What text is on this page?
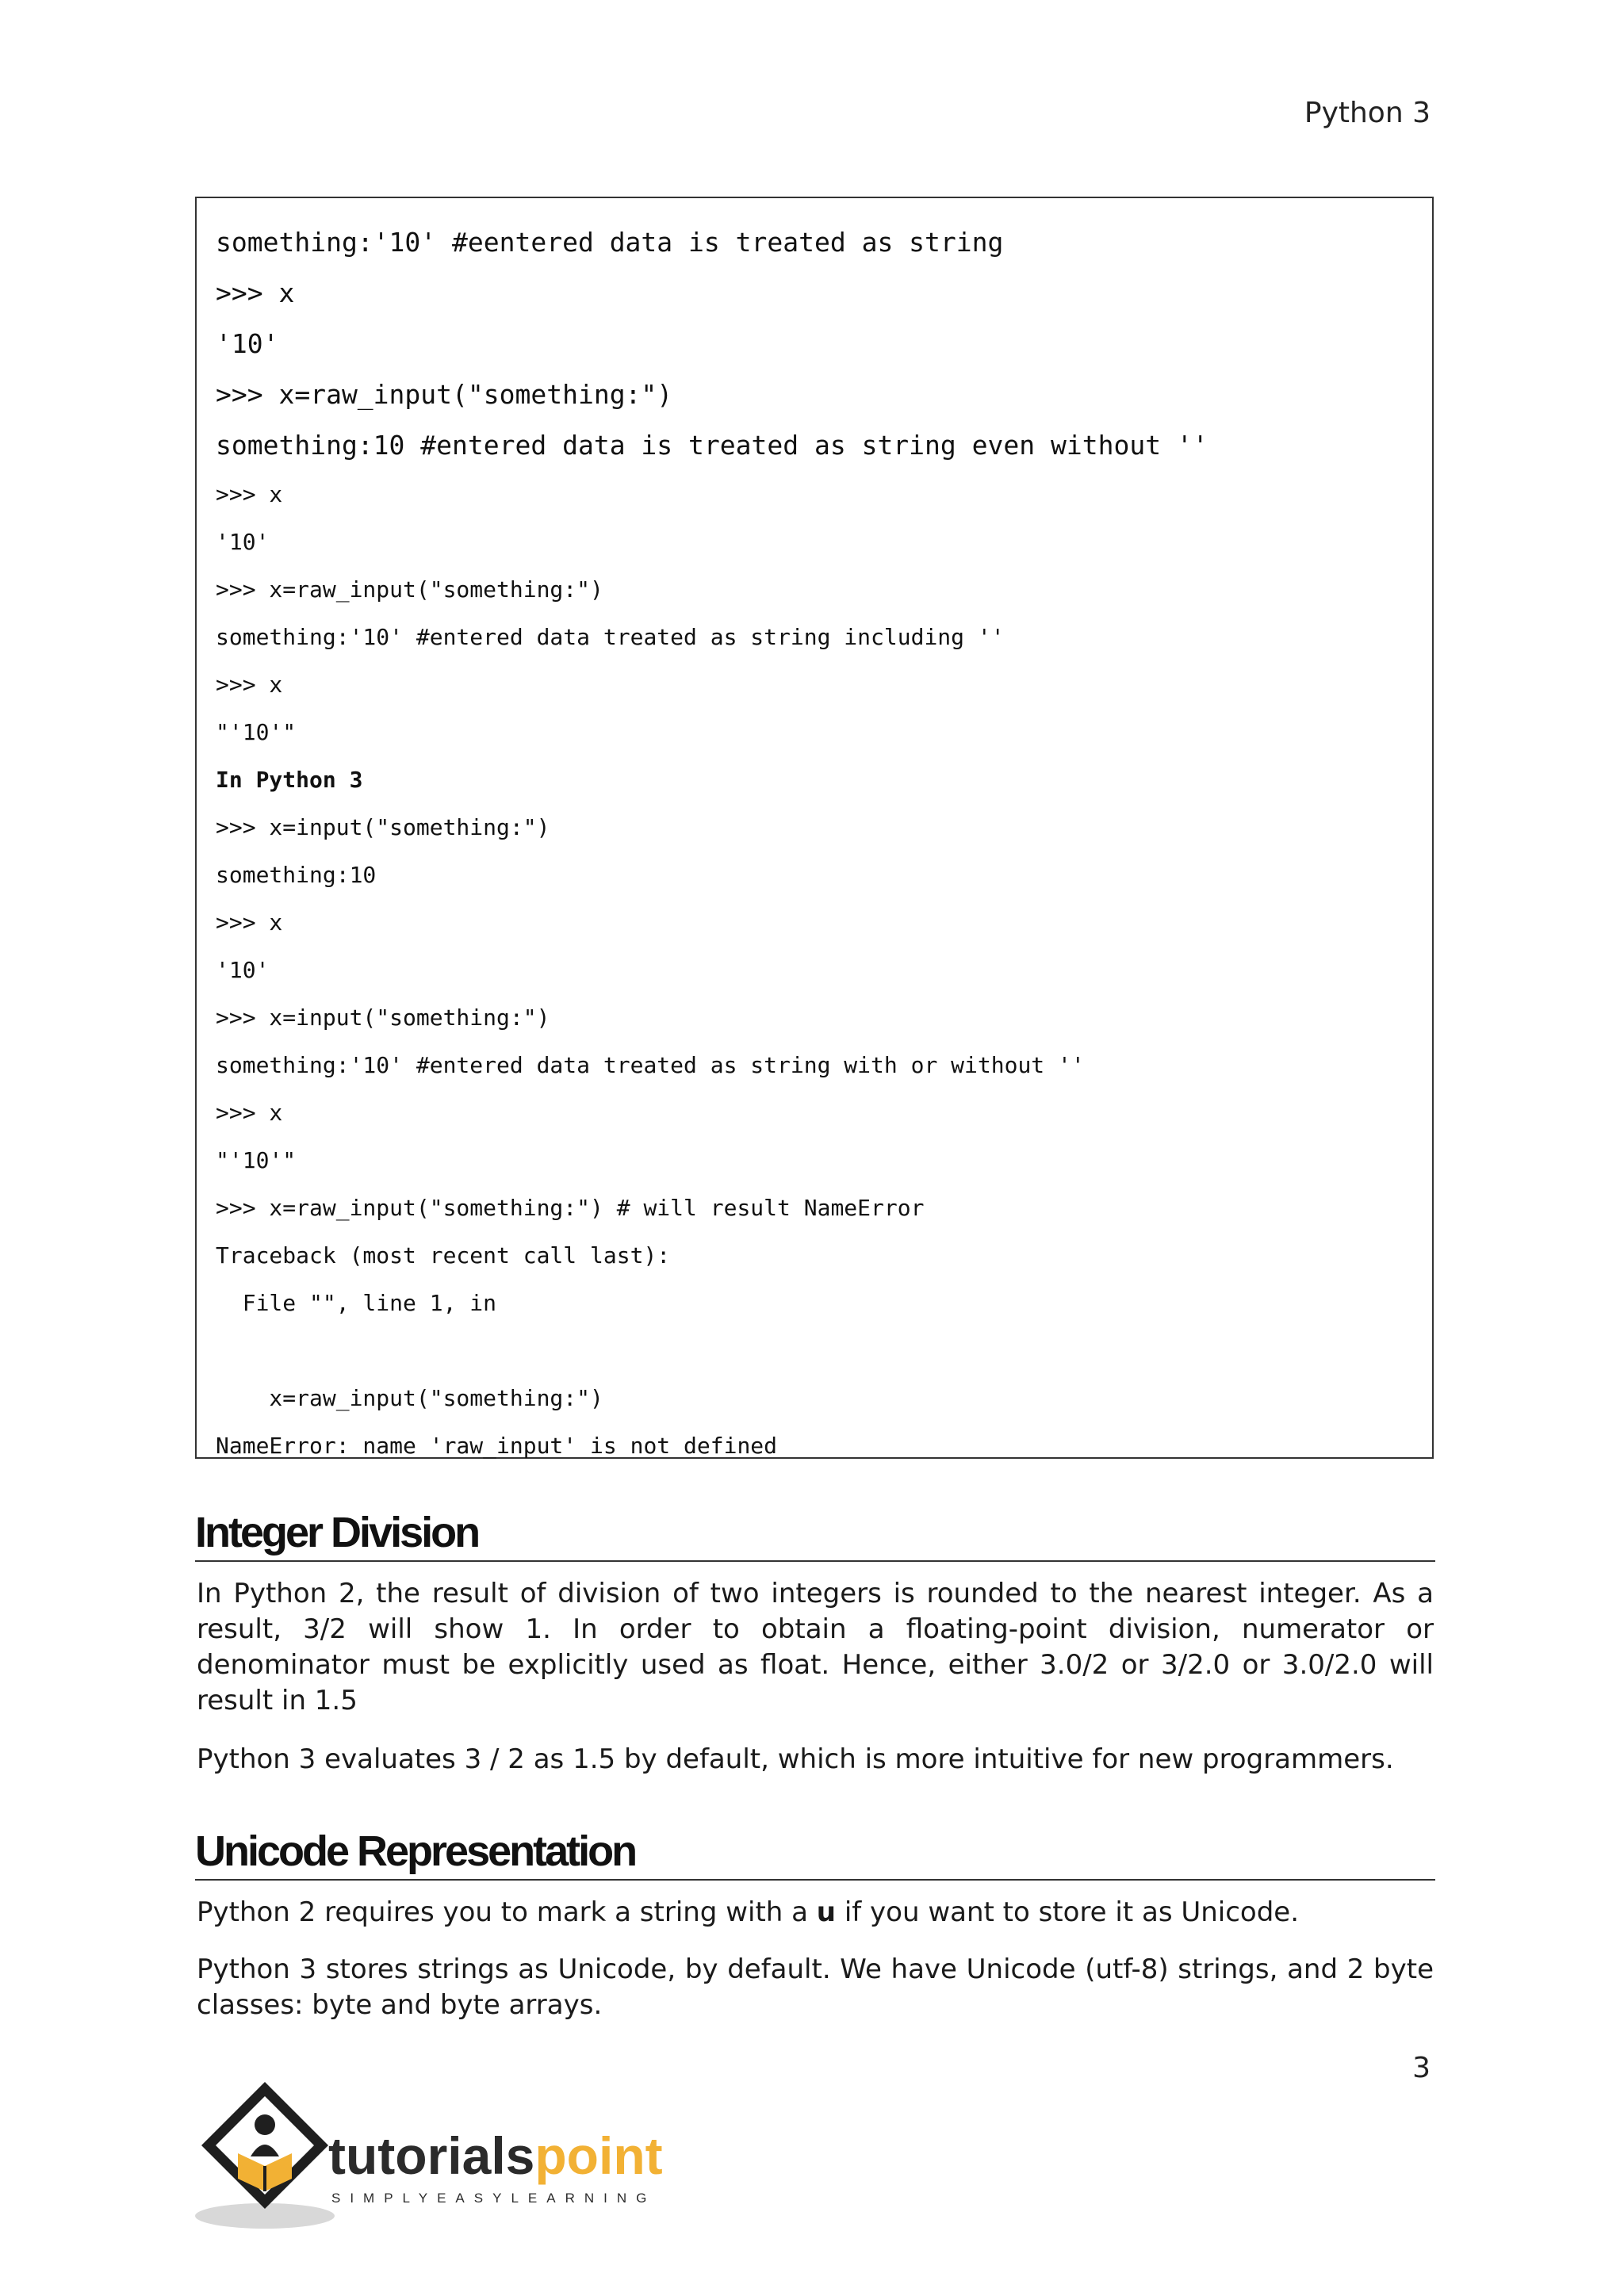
Python 3
something:'10' #eentered data is treated as string
>>> x
'10'
>>> x=raw_input("something:")
something:10 #entered data is treated as string even without ''
>>> x
'10'
>>> x=raw_input("something:")
something:'10' #entered data treated as string including ''
>>> x
"'10'"
In Python 3
>>> x=input("something:")
something:10
>>> x
'10'
>>> x=input("something:")
something:'10' #entered data treated as string with or without ''
>>> x
"'10'"
>>> x=raw_input("something:") # will result NameError
Traceback (most recent call last):
File "", line 1, in
x=raw_input("something:")
NameError: name 'raw_input' is not defined
Integer Division

In Python 2, the result of division of two integers is rounded to the nearest integer. As a result, 3/2 will show 1. In order to obtain a floating-point division, numerator or denominator must be explicitly used as float. Hence, either 3.0/2 or 3/2.0 or 3.0/2.0 will result in 1.5

Python 3 evaluates 3 / 2 as 1.5 by default, which is more intuitive for new programmers.

Unicode Representation

Python 2 requires you to mark a string with a u if you want to store it as Unicode.

Python 3 stores strings as Unicode, by default. We have Unicode (utf-8) strings, and 2 byte classes: byte and byte arrays.

3
tutorials point
SIMPLYEASYLEARNING
